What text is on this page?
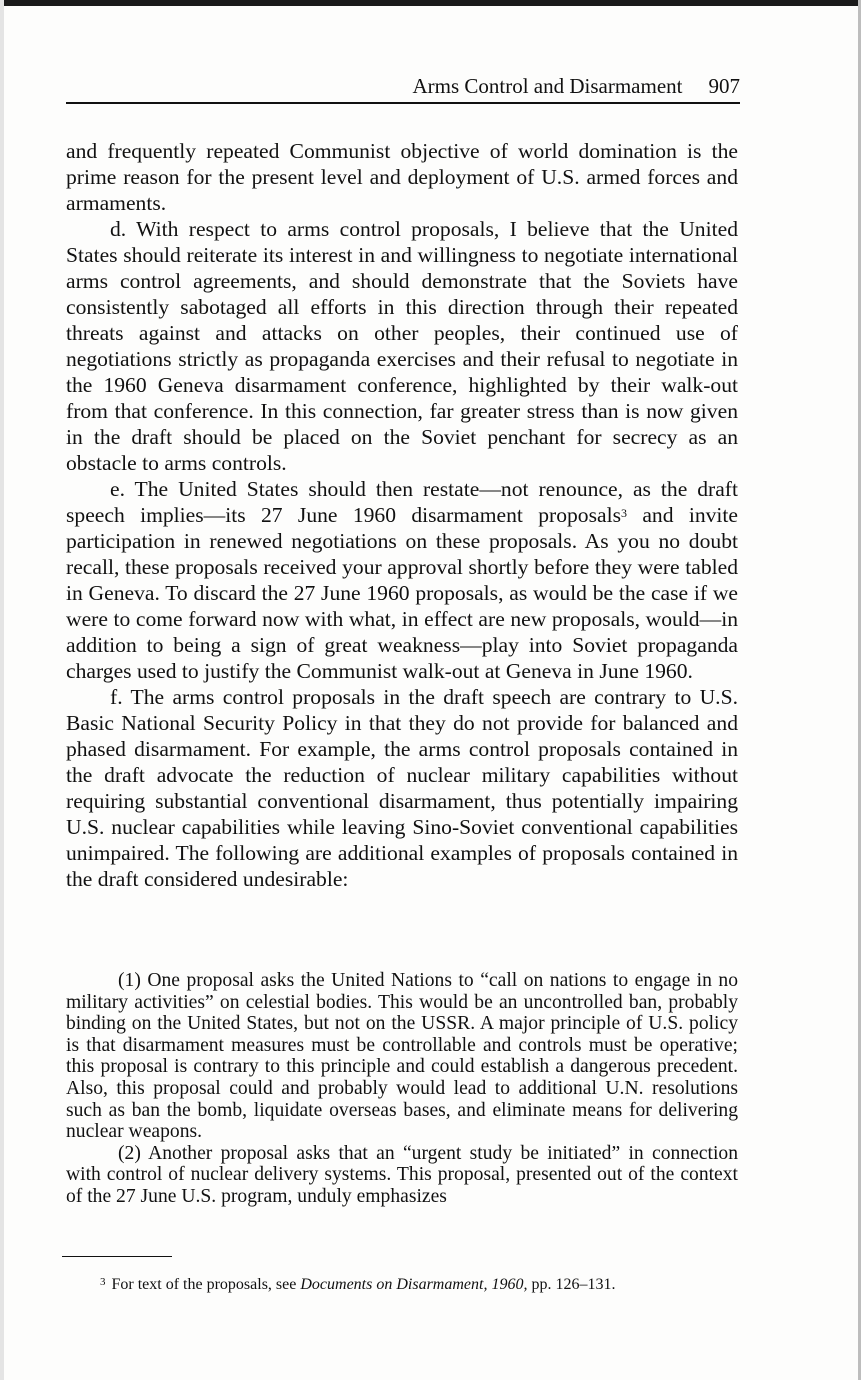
Arms Control and Disarmament 907

and frequently repeated Communist objective of world domination is the prime reason for the present level and deployment of U.S. armed forces and armaments.

d. With respect to arms control proposals, I believe that the United States should reiterate its interest in and willingness to negotiate international arms control agreements, and should demonstrate that the Soviets have consistently sabotaged all efforts in this direction through their repeated threats against and attacks on other peoples, their continued use of negotiations strictly as propaganda exercises and their refusal to negotiate in the 1960 Geneva disarmament conference, highlighted by their walk-out from that conference. In this connection, far greater stress than is now given in the draft should be placed on the Soviet penchant for secrecy as an obstacle to arms controls.

e. The United States should then restate—not renounce, as the draft speech implies—its 27 June 1960 disarmament proposals$^3$ and invite participation in renewed negotiations on these proposals. As you no doubt recall, these proposals received your approval shortly before they were tabled in Geneva. To discard the 27 June 1960 proposals, as would be the case if we were to come forward now with what, in effect are new proposals, would—in addition to being a sign of great weakness—play into Soviet propaganda charges used to justify the Communist walk-out at Geneva in June 1960.

f. The arms control proposals in the draft speech are contrary to U.S. Basic National Security Policy in that they do not provide for balanced and phased disarmament. For example, the arms control proposals contained in the draft advocate the reduction of nuclear military capabilities without requiring substantial conventional disarmament, thus potentially impairing U.S. nuclear capabilities while leaving Sino-Soviet conventional capabilities unimpaired. The following are additional examples of proposals contained in the draft considered undesirable:

(1) One proposal asks the United Nations to “call on nations to engage in no military activities” on celestial bodies. This would be an uncontrolled ban, probably binding on the United States, but not on the USSR. A major principle of U.S. policy is that disarmament measures must be controllable and controls must be operative; this proposal is contrary to this principle and could establish a dangerous precedent. Also, this proposal could and probably would lead to additional U.N. resolutions such as ban the bomb, liquidate overseas bases, and eliminate means for delivering nuclear weapons.

(2) Another proposal asks that an “urgent study be initiated” in connection with control of nuclear delivery systems. This proposal, presented out of the context of the 27 June U.S. program, unduly emphasizes

$^3$ For text of the proposals, see Documents on Disarmament, 1960, pp. 126–131.
